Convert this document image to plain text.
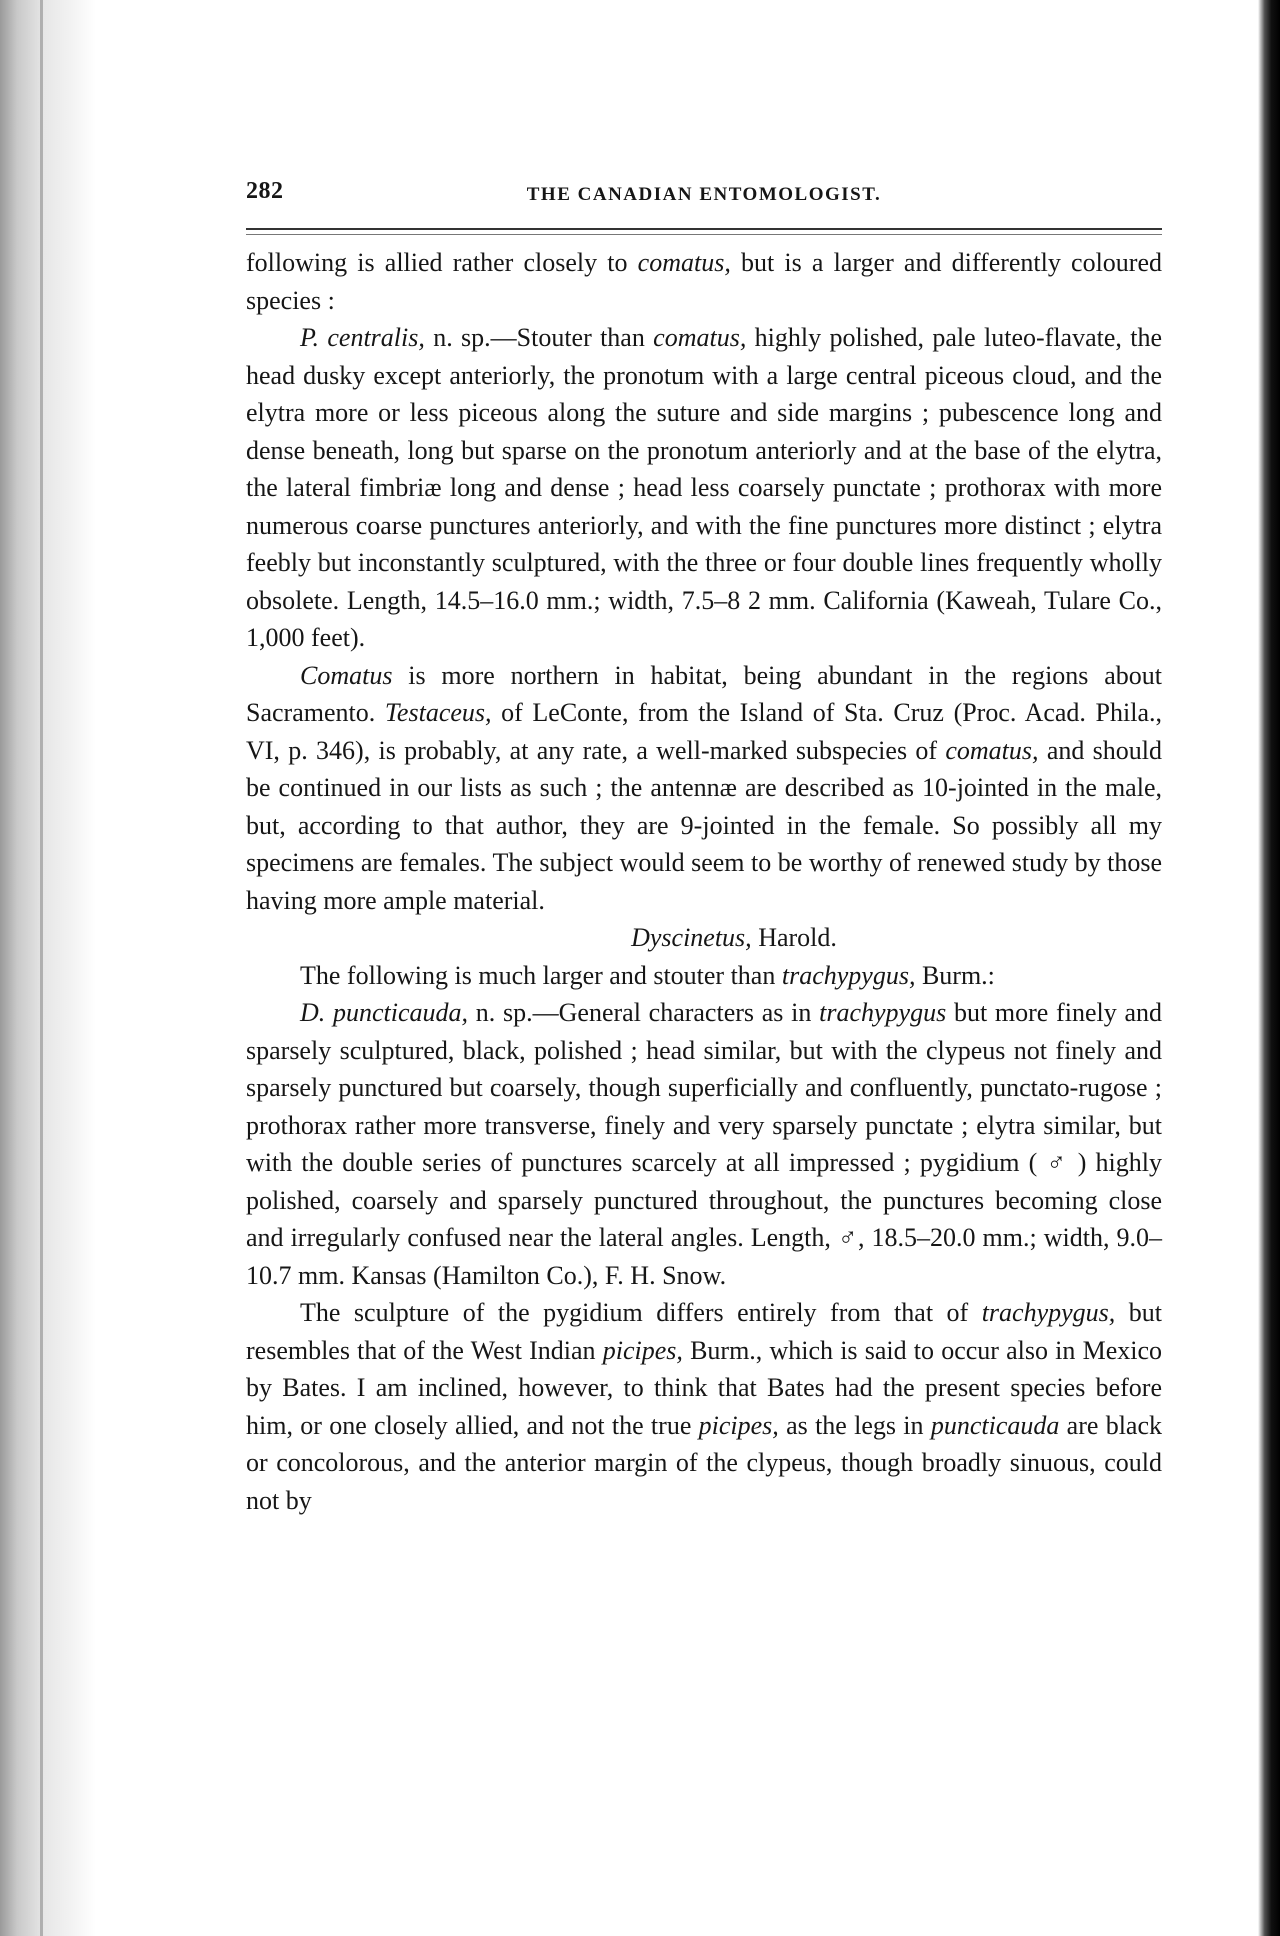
282	THE CANADIAN ENTOMOLOGIST.

following is allied rather closely to comatus, but is a larger and differently coloured species :

P. centralis, n. sp.—Stouter than comatus, highly polished, pale luteo-flavate, the head dusky except anteriorly, the pronotum with a large central piceous cloud, and the elytra more or less piceous along the suture and side margins ; pubescence long and dense beneath, long but sparse on the pronotum anteriorly and at the base of the elytra, the lateral fimbriæ long and dense ; head less coarsely punctate ; prothorax with more numerous coarse punctures anteriorly, and with the fine punctures more distinct ; elytra feebly but inconstantly sculptured, with the three or four double lines frequently wholly obsolete. Length, 14.5–16.0 mm.; width, 7.5–8 2 mm. California (Kaweah, Tulare Co., 1,000 feet).

Comatus is more northern in habitat, being abundant in the regions about Sacramento. Testaceus, of LeConte, from the Island of Sta. Cruz (Proc. Acad. Phila., VI, p. 346), is probably, at any rate, a well-marked subspecies of comatus, and should be continued in our lists as such ; the antennæ are described as 10-jointed in the male, but, according to that author, they are 9-jointed in the female. So possibly all my specimens are females. The subject would seem to be worthy of renewed study by those having more ample material.

Dyscinetus, Harold.

The following is much larger and stouter than trachypygus, Burm.:

D. puncticauda, n. sp.—General characters as in trachypygus but more finely and sparsely sculptured, black, polished ; head similar, but with the clypeus not finely and sparsely punctured but coarsely, though superficially and confluently, punctato-rugose ; prothorax rather more transverse, finely and very sparsely punctate ; elytra similar, but with the double series of punctures scarcely at all impressed ; pygidium ( ♂ ) highly polished, coarsely and sparsely punctured throughout, the punctures becoming close and irregularly confused near the lateral angles. Length, ♂, 18.5–20.0 mm.; width, 9.0–10.7 mm. Kansas (Hamilton Co.), F. H. Snow.

The sculpture of the pygidium differs entirely from that of trachypygus, but resembles that of the West Indian picipes, Burm., which is said to occur also in Mexico by Bates. I am inclined, however, to think that Bates had the present species before him, or one closely allied, and not the true picipes, as the legs in puncticauda are black or concolorous, and the anterior margin of the clypeus, though broadly sinuous, could not by
